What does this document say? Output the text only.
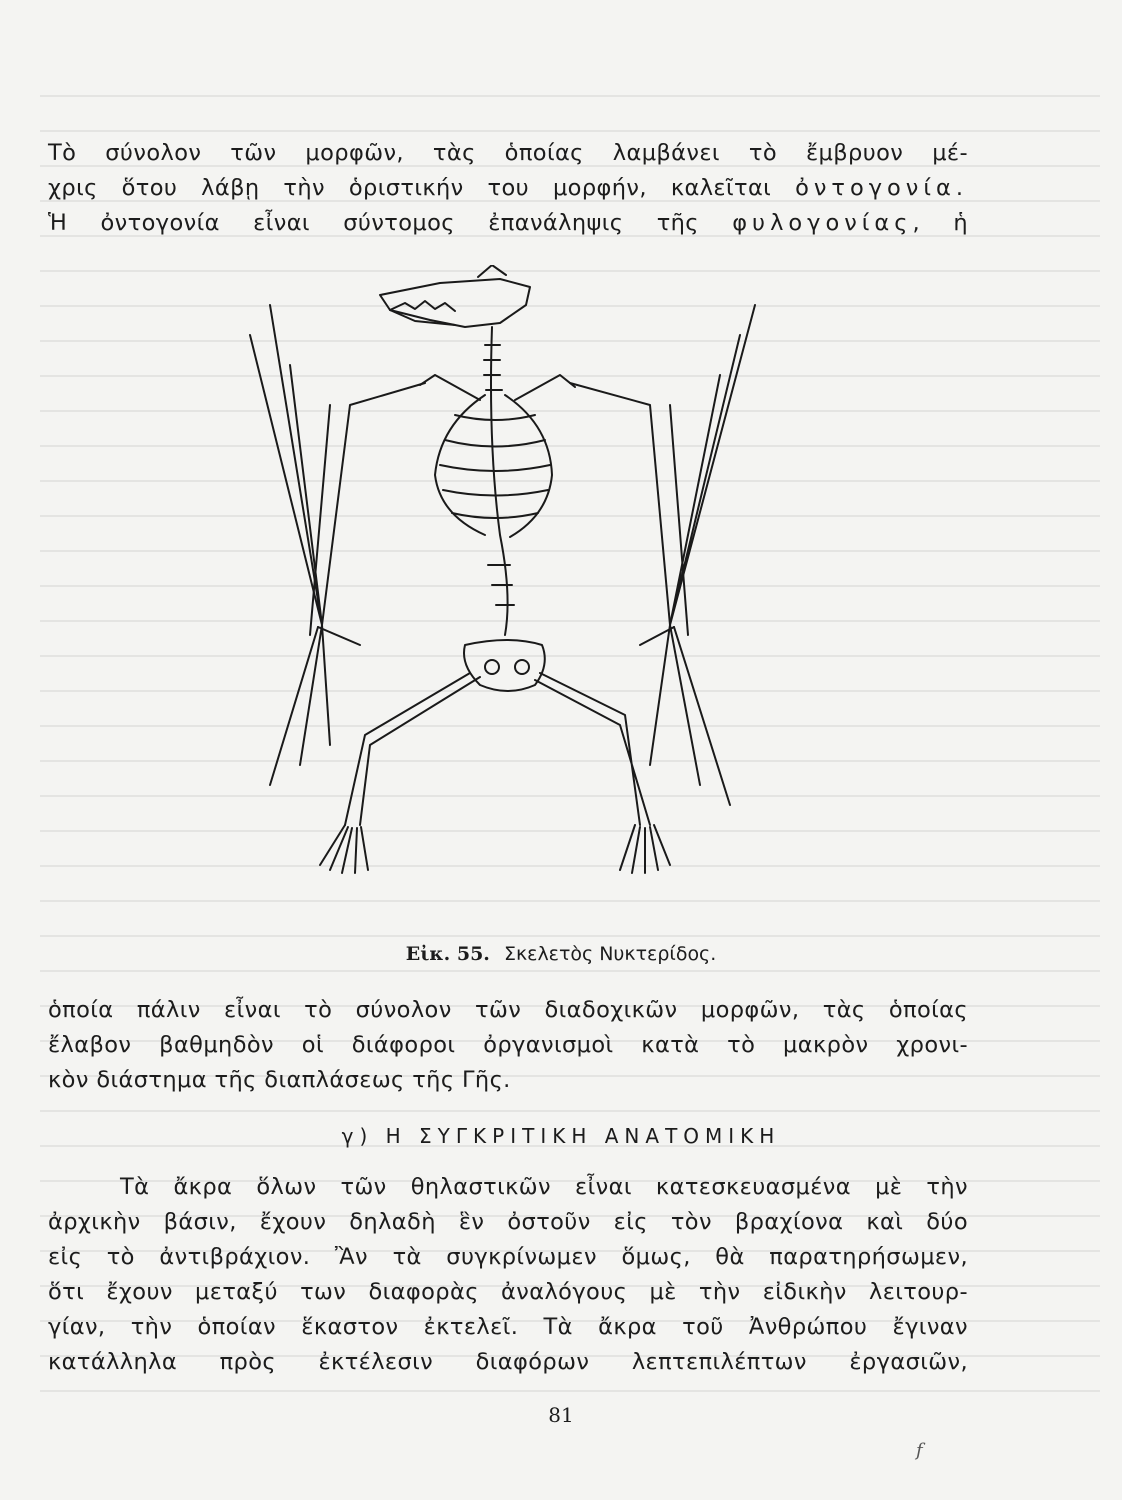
Τὸ σύνολον τῶν μορφῶν, τὰς ὁποίας λαμβάνει τὸ ἔμβρυον μέ-
χρις ὅτου λάβῃ τὴν ὁριστικήν του μορφήν, καλεῖται ὀντογονία.
Ἡ ὀντογονία εἶναι σύντομος ἐπανάληψις τῆς φυλογονίας, ἡ
Εἰκ. 55. Σκελετὸς Νυκτερίδος.
ὁποία πάλιν εἶναι τὸ σύνολον τῶν διαδοχικῶν μορφῶν, τὰς ὁποίας
ἔλαβον βαθμηδὸν οἱ διάφοροι ὀργανισμοὶ κατὰ τὸ μακρὸν χρονι-
κὸν διάστημα τῆς διαπλάσεως τῆς Γῆς.
γ) Η ΣΥΓΚΡΙΤΙΚΗ ΑΝΑΤΟΜΙΚΗ
Τὰ ἄκρα ὅλων τῶν θηλαστικῶν εἶναι κατεσκευασμένα μὲ τὴν
ἀρχικὴν βάσιν, ἔχουν δηλαδὴ ἓν ὀστοῦν εἰς τὸν βραχίονα καὶ δύο
εἰς τὸ ἀντιβράχιον. Ἂν τὰ συγκρίνωμεν ὅμως, θὰ παρατηρήσωμεν,
ὅτι ἔχουν μεταξύ των διαφορὰς ἀναλόγους μὲ τὴν εἰδικὴν λειτουρ-
γίαν, τὴν ὁποίαν ἕκαστον ἐκτελεῖ. Τὰ ἄκρα τοῦ Ἀνθρώπου ἔγιναν
κατάλληλα πρὸς ἐκτέλεσιν διαφόρων λεπτεπιλέπτων ἐργασιῶν,
81
f
